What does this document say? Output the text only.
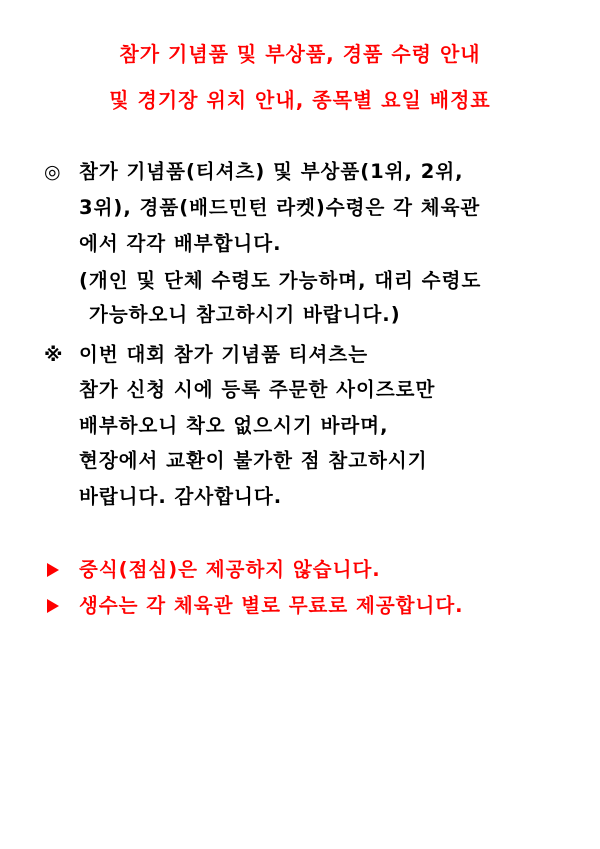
참가 기념품 및 부상품, 경품 수령 안내
및 경기장 위치 안내, 종목별 요일 배정표
◎ 참가 기념품(티셔츠) 및 부상품(1위, 2위,
3위), 경품(배드민턴 라켓)수령은 각 체육관
에서 각각 배부합니다.
(개인 및 단체 수령도 가능하며, 대리 수령도
가능하오니 참고하시기 바랍니다.)
※ 이번 대회 참가 기념품 티셔츠는
참가 신청 시에 등록 주문한 사이즈로만
배부하오니 착오 없으시기 바라며,
현장에서 교환이 불가한 점 참고하시기
바랍니다. 감사합니다.
중식(점심)은 제공하지 않습니다.
생수는 각 체육관 별로 무료로 제공합니다.
